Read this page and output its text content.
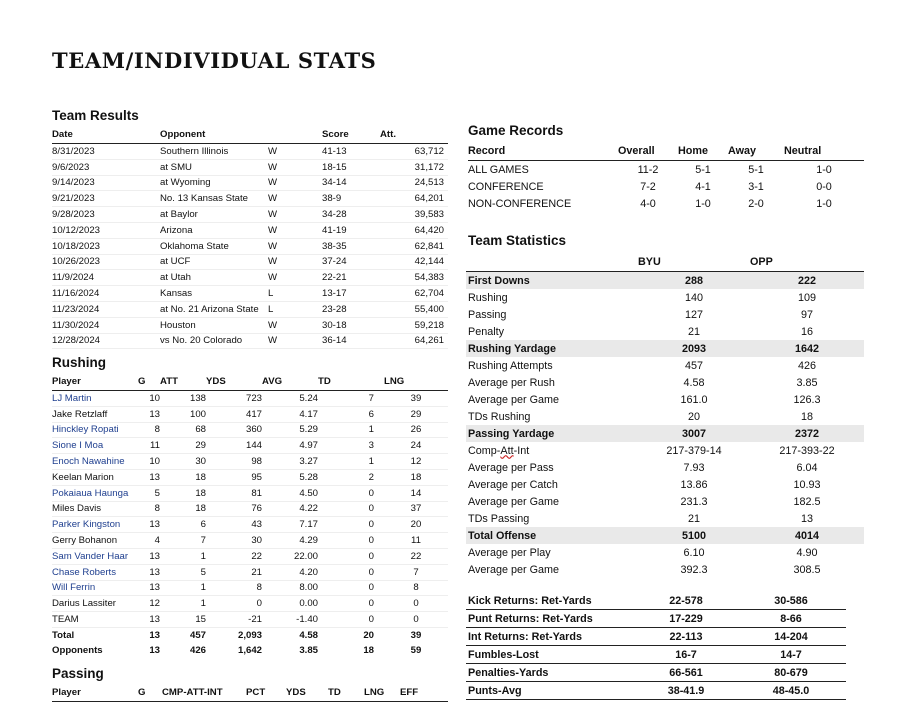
TEAM/INDIVIDUAL STATS
Team Results
Date	Opponent		Score	Att.
8/31/2023	Southern Illinois	W	41-13	63,712
9/6/2023	at SMU	W	18-15	31,172
9/14/2023	at Wyoming	W	34-14	24,513
9/21/2023	No. 13 Kansas State	W	38-9	64,201
9/28/2023	at Baylor	W	34-28	39,583
10/12/2023	Arizona	W	41-19	64,420
10/18/2023	Oklahoma State	W	38-35	62,841
10/26/2023	at UCF	W	37-24	42,144
11/9/2024	at Utah	W	22-21	54,383
11/16/2024	Kansas	L	13-17	62,704
11/23/2024	at No. 21 Arizona State	L	23-28	55,400
11/30/2024	Houston	W	30-18	59,218
12/28/2024	vs No. 20 Colorado	W	36-14	64,261
Rushing
Player	G	ATT	YDS	AVG	TD	LNG
LJ Martin	10	138	723	5.24	7	39
Jake Retzlaff	13	100	417	4.17	6	29
Hinckley Ropati	8	68	360	5.29	1	26
Sione I Moa	11	29	144	4.97	3	24
Enoch Nawahine	10	30	98	3.27	1	12
Keelan Marion	13	18	95	5.28	2	18
Pokaiaua Haunga	5	18	81	4.50	0	14
Miles Davis	8	18	76	4.22	0	37
Parker Kingston	13	6	43	7.17	0	20
Gerry Bohanon	4	7	30	4.29	0	11
Sam Vander Haar	13	1	22	22.00	0	22
Chase Roberts	13	5	21	4.20	0	7
Will Ferrin	13	1	8	8.00	0	8
Darius Lassiter	12	1	0	0.00	0	0
TEAM	13	15	-21	-1.40	0	0
Total	13	457	2,093	4.58	20	39
Opponents	13	426	1,642	3.85	18	59
Passing
Player	G	CMP-ATT-INT	PCT	YDS	TD	LNG	EFF
Game Records
Record	Overall	Home	Away	Neutral
ALL GAMES	11-2	5-1	5-1	1-0
CONFERENCE	7-2	4-1	3-1	0-0
NON-CONFERENCE	4-0	1-0	2-0	1-0
Team Statistics
	BYU	OPP
First Downs	288	222
Rushing	140	109
Passing	127	97
Penalty	21	16
Rushing Yardage	2093	1642
Rushing Attempts	457	426
Average per Rush	4.58	3.85
Average per Game	161.0	126.3
TDs Rushing	20	18
Passing Yardage	3007	2372
Comp-Att-Int	217-379-14	217-393-22
Average per Pass	7.93	6.04
Average per Catch	13.86	10.93
Average per Game	231.3	182.5
TDs Passing	21	13
Total Offense	5100	4014
Average per Play	6.10	4.90
Average per Game	392.3	308.5
Kick Returns: Ret-Yards	22-578	30-586
Punt Returns: Ret-Yards	17-229	8-66
Int Returns: Ret-Yards	22-113	14-204
Fumbles-Lost	16-7	14-7
Penalties-Yards	66-561	80-679
Punts-Avg	38-41.9	48-45.0
